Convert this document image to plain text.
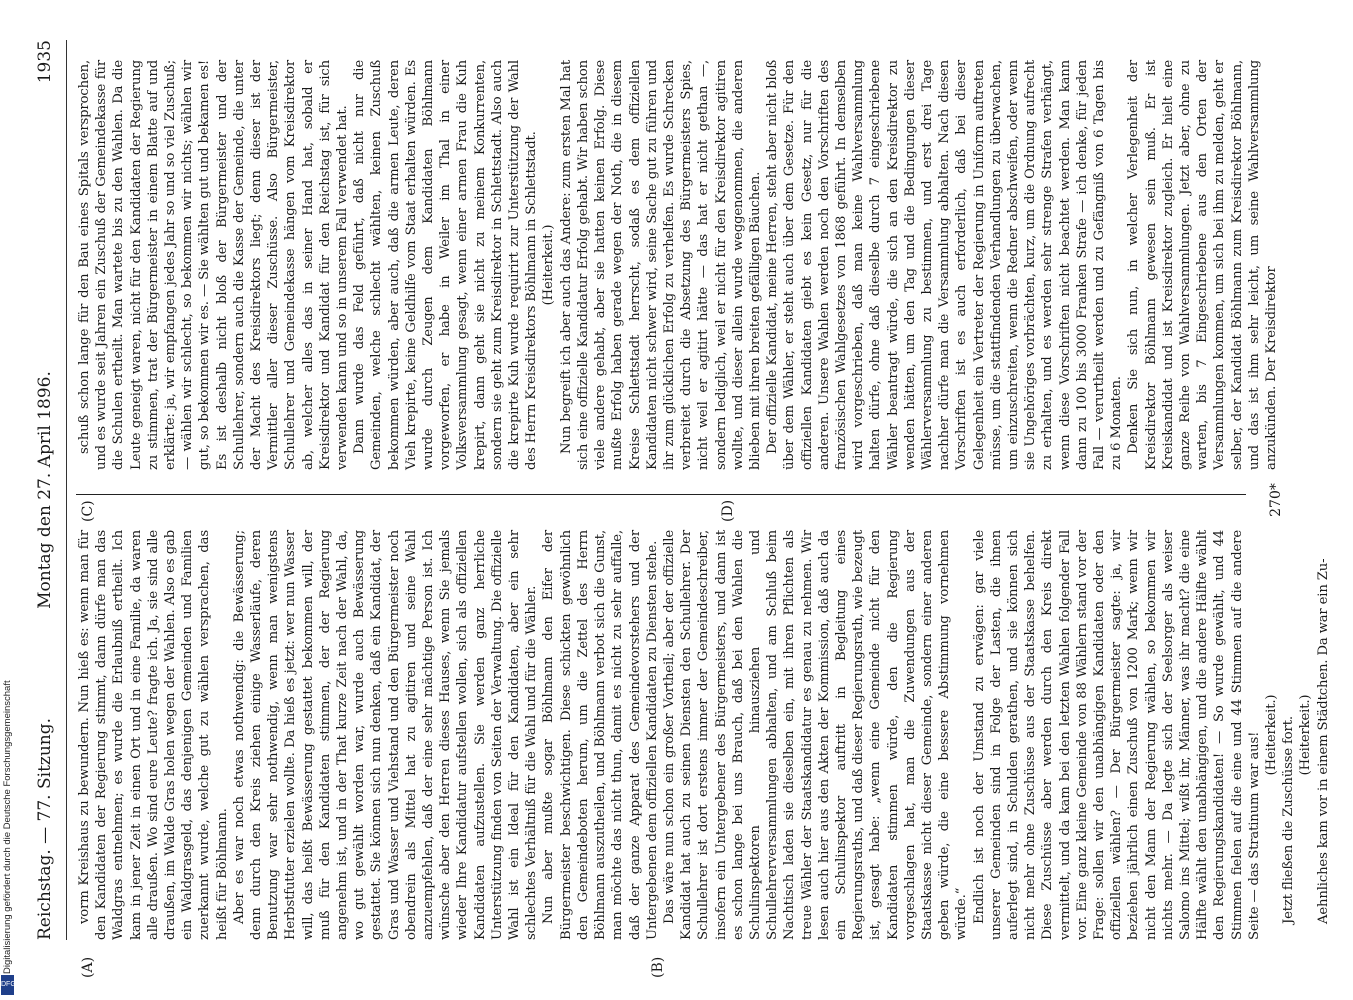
Reichstag. — 77. Sitzung.
Montag den 27. April 1896.
1935
(A)	(B)
(C)	(D)

vorm Kreishaus zu bewundern. Nun hieß es: wenn man für den Kandidaten der Regierung stimmt, dann dürfe man das Waldgras entnehmen; es wurde die Erlaubniß ertheilt. Ich kam in jener Zeit in einen Ort und in eine Familie, da waren alle draußen. Wo sind eure Leute? fragte ich. Ja, sie sind alle draußen, im Walde Gras holen wegen der Wahlen. Also es gab ein Waldgrasgeld, das denjenigen Gemeinden und Familien zuerkannt wurde, welche gut zu wählen versprachen, das heißt für Böhlmann. Aber es war noch etwas nothwendig: die Bewässerung; denn durch den Kreis ziehen einige Wasserläufe, deren Benutzung war sehr nothwendig, wenn man wenigstens Herbstfutter erzielen wollte. Da hieß es jetzt: wer nun Wasser will, das heißt Bewässerung gestattet bekommen will, der muß für den Kandidaten stimmen, der der Regierung angenehm ist, und in der That kurze Zeit nach der Wahl, da, wo gut gewählt worden war, wurde auch Bewässerung gestattet. Sie können sich nun denken, daß ein Kandidat, der Gras und Wasser und Viehstand und den Bürgermeister noch obendrein als Mittel hat zu agitiren und seine Wahl anzuempfehlen, daß der eine sehr mächtige Person ist. Ich wünsche aber den Herren dieses Hauses, wenn Sie jemals wieder Ihre Kandidatur aufstellen wollen, sich als offiziellen Kandidaten aufzustellen. Sie werden ganz herrliche Unterstützung finden von Seiten der Verwaltung. Die offizielle Wahl ist ein Ideal für den Kandidaten, aber ein sehr schlechtes Verhältniß für die Wahl und für die Wähler. Nun aber mußte sogar Böhlmann den Eifer der Bürgermeister beschwichtigen. Diese schickten gewöhnlich den Gemeindeboten herum, um die Zettel des Herrn Böhlmann auszutheilen, und Böhlmann verbot sich die Gunst, man möchte das nicht thun, damit es nicht zu sehr auffalle, daß der ganze Apparat des Gemeindevorstehers und der Untergebenen dem offiziellen Kandidaten zu Diensten stehe. Das wäre nun schon ein großer Vortheil; aber der offizielle Kandidat hat auch zu seinen Diensten den Schullehrer. Der Schullehrer ist dort erstens immer der Gemeindeschreiber, insofern ein Untergebener des Bürgermeisters, und dann ist es schon lange bei uns Brauch, daß bei den Wahlen die Schulinspektoren hinausziehen und Schullehrerversammlungen abhalten, und am Schluß beim Nachtisch laden sie dieselben ein, mit ihren Pflichten als treue Wähler der Staatskandidatur es genau zu nehmen. Wir lesen auch hier aus den Akten der Kommission, daß auch da ein Schulinspektor auftritt in Begleitung eines Regierungsraths, und daß dieser Regierungsrath, wie bezeugt ist, gesagt habe: „wenn eine Gemeinde nicht für den Kandidaten stimmen würde, den die Regierung vorgeschlagen hat, man die Zuwendungen aus der Staatskasse nicht dieser Gemeinde, sondern einer anderen geben würde, die eine bessere Abstimmung vornehmen würde.“ Endlich ist noch der Umstand zu erwägen: gar viele unserer Gemeinden sind in Folge der Lasten, die ihnen auferlegt sind, in Schulden gerathen, und sie können sich nicht mehr ohne Zuschüsse aus der Staatskasse behelfen. Diese Zuschüsse aber werden durch den Kreis direkt vermittelt, und da kam bei den letzten Wahlen folgender Fall vor. Eine ganz kleine Gemeinde von 88 Wählern stand vor der Frage: sollen wir den unabhängigen Kandidaten oder den offiziellen wählen? — Der Bürgermeister sagte: ja, wir beziehen jährlich einen Zuschuß von 1200 Mark; wenn wir nicht den Mann der Regierung wählen, so bekommen wir nichts mehr. — Da legte sich der Seelsorger als weiser Salomo ins Mittel; wißt ihr, Männer, was ihr macht? die eine Hälfte wählt den unabhängigen, und die andere Hälfte wählt den Regierungskandidaten! — So wurde gewählt, und 44 Stimmen fielen auf die eine und 44 Stimmen auf die andere Seite — das Stratinum war aus! (Heiterkeit.) Jetzt fließen die Zuschüsse fort. (Heiterkeit.) Aehnliches kam vor in einem Städtchen. Da war ein Zu-

schuß schon lange für den Bau eines Spitals versprochen, und es wurde seit Jahren ein Zuschuß der Gemeindekasse für die Schulen ertheilt. Man wartete bis zu den Wahlen. Da die Leute geneigt waren, nicht für den Kandidaten der Regierung zu stimmen, trat der Bürgermeister in einem Blatte auf und erklärte: ja, wir empfangen jedes Jahr so und so viel Zuschuß; — wählen wir schlecht, so bekommen wir nichts; wählen wir gut, so bekommen wir es. — Sie wählten gut und bekamen es! Es ist deshalb nicht bloß der Bürgermeister und der Schullehrer, sondern auch die Kasse der Gemeinde, die unter der Macht des Kreisdirektors liegt; denn dieser ist der Vermittler aller dieser Zuschüsse. Also Bürgermeister, Schullehrer und Gemeindekasse hängen vom Kreisdirektor ab, welcher alles das in seiner Hand hat, sobald er Kreisdirektor und Kandidat für den Reichstag ist, für sich verwenden kann und so in unserem Fall verwendet hat. Dann wurde das Feld geführt, daß nicht nur die Gemeinden, welche schlecht wählten, keinen Zuschuß bekommen würden, aber auch, daß die armen Leute, deren Vieh krepirte, keine Geldhilfe vom Staat erhalten würden. Es wurde durch Zeugen dem Kandidaten Böhlmann vorgeworfen, er habe in Weiler im Thal in einer Volksversammlung gesagt, wenn einer armen Frau die Kuh krepirt, dann geht sie nicht zu meinem Konkurrenten, sondern sie geht zum Kreisdirektor in Schlettstadt. Also auch die krepirte Kuh wurde requirirt zur Unterstützung der Wahl des Herrn Kreisdirektors Böhlmann in Schlettstadt. (Heiterkeit.) Nun begreift ich aber auch das Andere: zum ersten Mal hat sich eine offizielle Kandidatur Erfolg gehabt. Wir haben schon viele andere gehabt, aber sie hatten keinen Erfolg. Diese mußte Erfolg haben gerade wegen der Noth, die in diesem Kreise Schlettstadt herrscht, sodaß es dem offiziellen Kandidaten nicht schwer wird, seine Sache gut zu führen und ihr zum glücklichen Erfolg zu verhelfen. Es wurde Schrecken verbreitet durch die Absetzung des Bürgermeisters Spies, nicht weil er agitirt hätte — das hat er nicht gethan —, sondern lediglich, weil er nicht für den Kreisdirektor agitiren wollte, und dieser allein wurde weggenommen, die anderen blieben mit ihren breiten gefälligen Bäuchen. Der offizielle Kandidat, meine Herren, steht aber nicht bloß über dem Wähler, er steht auch über dem Gesetze. Für den offiziellen Kandidaten giebt es kein Gesetz, nur für die anderen. Unsere Wahlen werden noch den Vorschriften des französischen Wahlgesetzes von 1868 geführt. In demselben wird vorgeschrieben, daß man keine Wahlversammlung halten dürfe, ohne daß dieselbe durch 7 eingeschriebene Wähler beantragt würde, die sich an den Kreisdirektor zu wenden hätten, um den Tag und die Bedingungen dieser Wählerversammlung zu bestimmen, und erst drei Tage nachher dürfe man die Versammlung abhalten. Nach diesen Vorschriften ist es auch erforderlich, daß bei dieser Gelegenheit ein Vertreter der Regierung in Uniform auftreten müsse, um die stattfindenden Verhandlungen zu überwachen, um einzuschreiten, wenn die Redner abschweifen, oder wenn sie Ungehöriges vorbrächten, kurz, um die Ordnung aufrecht zu erhalten, und es werden sehr strenge Strafen verhängt, wenn diese Vorschriften nicht beachtet werden. Man kann dann zu 100 bis 3000 Franken Strafe — ich denke, für jeden Fall — verurtheilt werden und zu Gefängniß von 6 Tagen bis zu 6 Monaten. Denken Sie sich nun, in welcher Verlegenheit der Kreisdirektor Böhlmann gewesen sein muß. Er ist Kreiskandidat und ist Kreisdirektor zugleich. Er hielt eine ganze Reihe von Wahlversammlungen. Jetzt aber, ohne zu warten, bis 7 Eingeschriebene aus den Orten der Versammlungen kommen, um sich bei ihm zu melden, geht er selber, der Kandidat Böhlmann zum Kreisdirektor Böhlmann, und das ist ihm sehr leicht, um seine Wahlversammlung anzukünden. Der Kreisdirektor

270*
Digitalisierung gefördert durch die Deutsche Forschungsgemeinschaft
DFG
